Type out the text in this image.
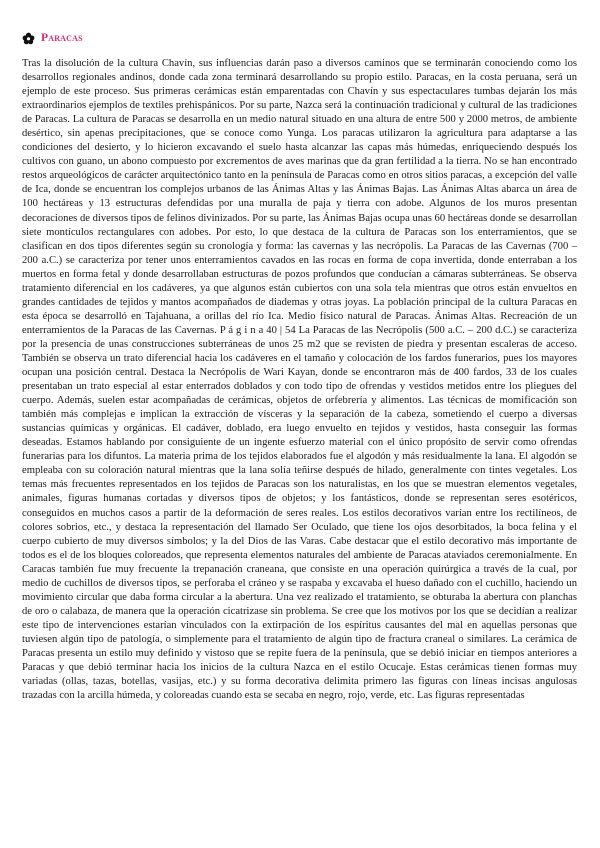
Paracas

Tras la disolución de la cultura Chavín, sus influencias darán paso a diversos caminos que se terminarán conociendo como los desarrollos regionales andinos, donde cada zona terminará desarrollando su propio estilo. Paracas, en la costa peruana, será un ejemplo de este proceso. Sus primeras cerámicas están emparentadas con Chavín y sus espectaculares tumbas dejarán los más extraordinarios ejemplos de textiles prehispánicos. Por su parte, Nazca será la continuación tradicional y cultural de las tradiciones de Paracas. La cultura de Paracas se desarrolla en un medio natural situado en una altura de entre 500 y 2000 metros, de ambiente desértico, sin apenas precipitaciones, que se conoce como Yunga. Los paracas utilizaron la agricultura para adaptarse a las condiciones del desierto, y lo hicieron excavando el suelo hasta alcanzar las capas más húmedas, enriqueciendo después los cultivos con guano, un abono compuesto por excrementos de aves marinas que da gran fertilidad a la tierra. No se han encontrado restos arqueológicos de carácter arquitectónico tanto en la península de Paracas como en otros sitios paracas, a excepción del valle de Ica, donde se encuentran los complejos urbanos de las Ánimas Altas y las Ánimas Bajas. Las Ánimas Altas abarca un área de 100 hectáreas y 13 estructuras defendidas por una muralla de paja y tierra con adobe. Algunos de los muros presentan decoraciones de diversos tipos de felinos divinizados. Por su parte, las Ánimas Bajas ocupa unas 60 hectáreas donde se desarrollan siete montículos rectangulares con adobes. Por esto, lo que destaca de la cultura de Paracas son los enterramientos, que se clasifican en dos tipos diferentes según su cronología y forma: las cavernas y las necrópolis. La Paracas de las Cavernas (700 – 200 a.C.) se caracteriza por tener unos enterramientos cavados en las rocas en forma de copa invertida, donde enterraban a los muertos en forma fetal y donde desarrollaban estructuras de pozos profundos que conducían a cámaras subterráneas. Se observa tratamiento diferencial en los cadáveres, ya que algunos están cubiertos con una sola tela mientras que otros están envueltos en grandes cantidades de tejidos y mantos acompañados de diademas y otras joyas. La población principal de la cultura Paracas en esta época se desarrolló en Tajahuana, a orillas del río Ica. Medio físico natural de Paracas. Ánimas Altas. Recreación de un enterramientos de la Paracas de las Cavernas. P á g i n a 40 | 54 La Paracas de las Necrópolis (500 a.C. – 200 d.C.) se caracteriza por la presencia de unas construcciones subterráneas de unos 25 m2 que se revisten de piedra y presentan escaleras de acceso. También se observa un trato diferencial hacia los cadáveres en el tamaño y colocación de los fardos funerarios, pues los mayores ocupan una posición central. Destaca la Necrópolis de Wari Kayan, donde se encontraron más de 400 fardos, 33 de los cuales presentaban un trato especial al estar enterrados doblados y con todo tipo de ofrendas y vestidos metidos entre los pliegues del cuerpo. Además, suelen estar acompañadas de cerámicas, objetos de orfebrería y alimentos. Las técnicas de momificación son también más complejas e implican la extracción de vísceras y la separación de la cabeza, sometiendo el cuerpo a diversas sustancias químicas y orgánicas. El cadáver, doblado, era luego envuelto en tejidos y vestidos, hasta conseguir las formas deseadas. Estamos hablando por consiguiente de un ingente esfuerzo material con el único propósito de servir como ofrendas funerarias para los difuntos. La materia prima de los tejidos elaborados fue el algodón y más residualmente la lana. El algodón se empleaba con su coloración natural mientras que la lana solía teñirse después de hilado, generalmente con tintes vegetales. Los temas más frecuentes representados en los tejidos de Paracas son los naturalistas, en los que se muestran elementos vegetales, animales, figuras humanas cortadas y diversos tipos de objetos; y los fantásticos, donde se representan seres esotéricos, conseguidos en muchos casos a partir de la deformación de seres reales. Los estilos decorativos varían entre los rectilíneos, de colores sobrios, etc., y destaca la representación del llamado Ser Oculado, que tiene los ojos desorbitados, la boca felina y el cuerpo cubierto de muy diversos símbolos; y la del Dios de las Varas. Cabe destacar que el estilo decorativo más importante de todos es el de los bloques coloreados, que representa elementos naturales del ambiente de Paracas ataviados ceremonialmente. En Caracas también fue muy frecuente la trepanación craneana, que consiste en una operación quirúrgica a través de la cual, por medio de cuchillos de diversos tipos, se perforaba el cráneo y se raspaba y excavaba el hueso dañado con el cuchillo, haciendo un movimiento circular que daba forma circular a la abertura. Una vez realizado el tratamiento, se obturaba la abertura con planchas de oro o calabaza, de manera que la operación cicatrizase sin problema. Se cree que los motivos por los que se decidían a realizar este tipo de intervenciones estarían vinculados con la extirpación de los espíritus causantes del mal en aquellas personas que tuviesen algún tipo de patología, o simplemente para el tratamiento de algún tipo de fractura craneal o similares. La cerámica de Paracas presenta un estilo muy definido y vistoso que se repite fuera de la península, que se debió iniciar en tiempos anteriores a Paracas y que debió terminar hacia los inicios de la cultura Nazca en el estilo Ocucaje. Estas cerámicas tienen formas muy variadas (ollas, tazas, botellas, vasijas, etc.) y su forma decorativa delimita primero las figuras con líneas incisas angulosas trazadas con la arcilla húmeda, y coloreadas cuando esta se secaba en negro, rojo, verde, etc. Las figuras representadas
